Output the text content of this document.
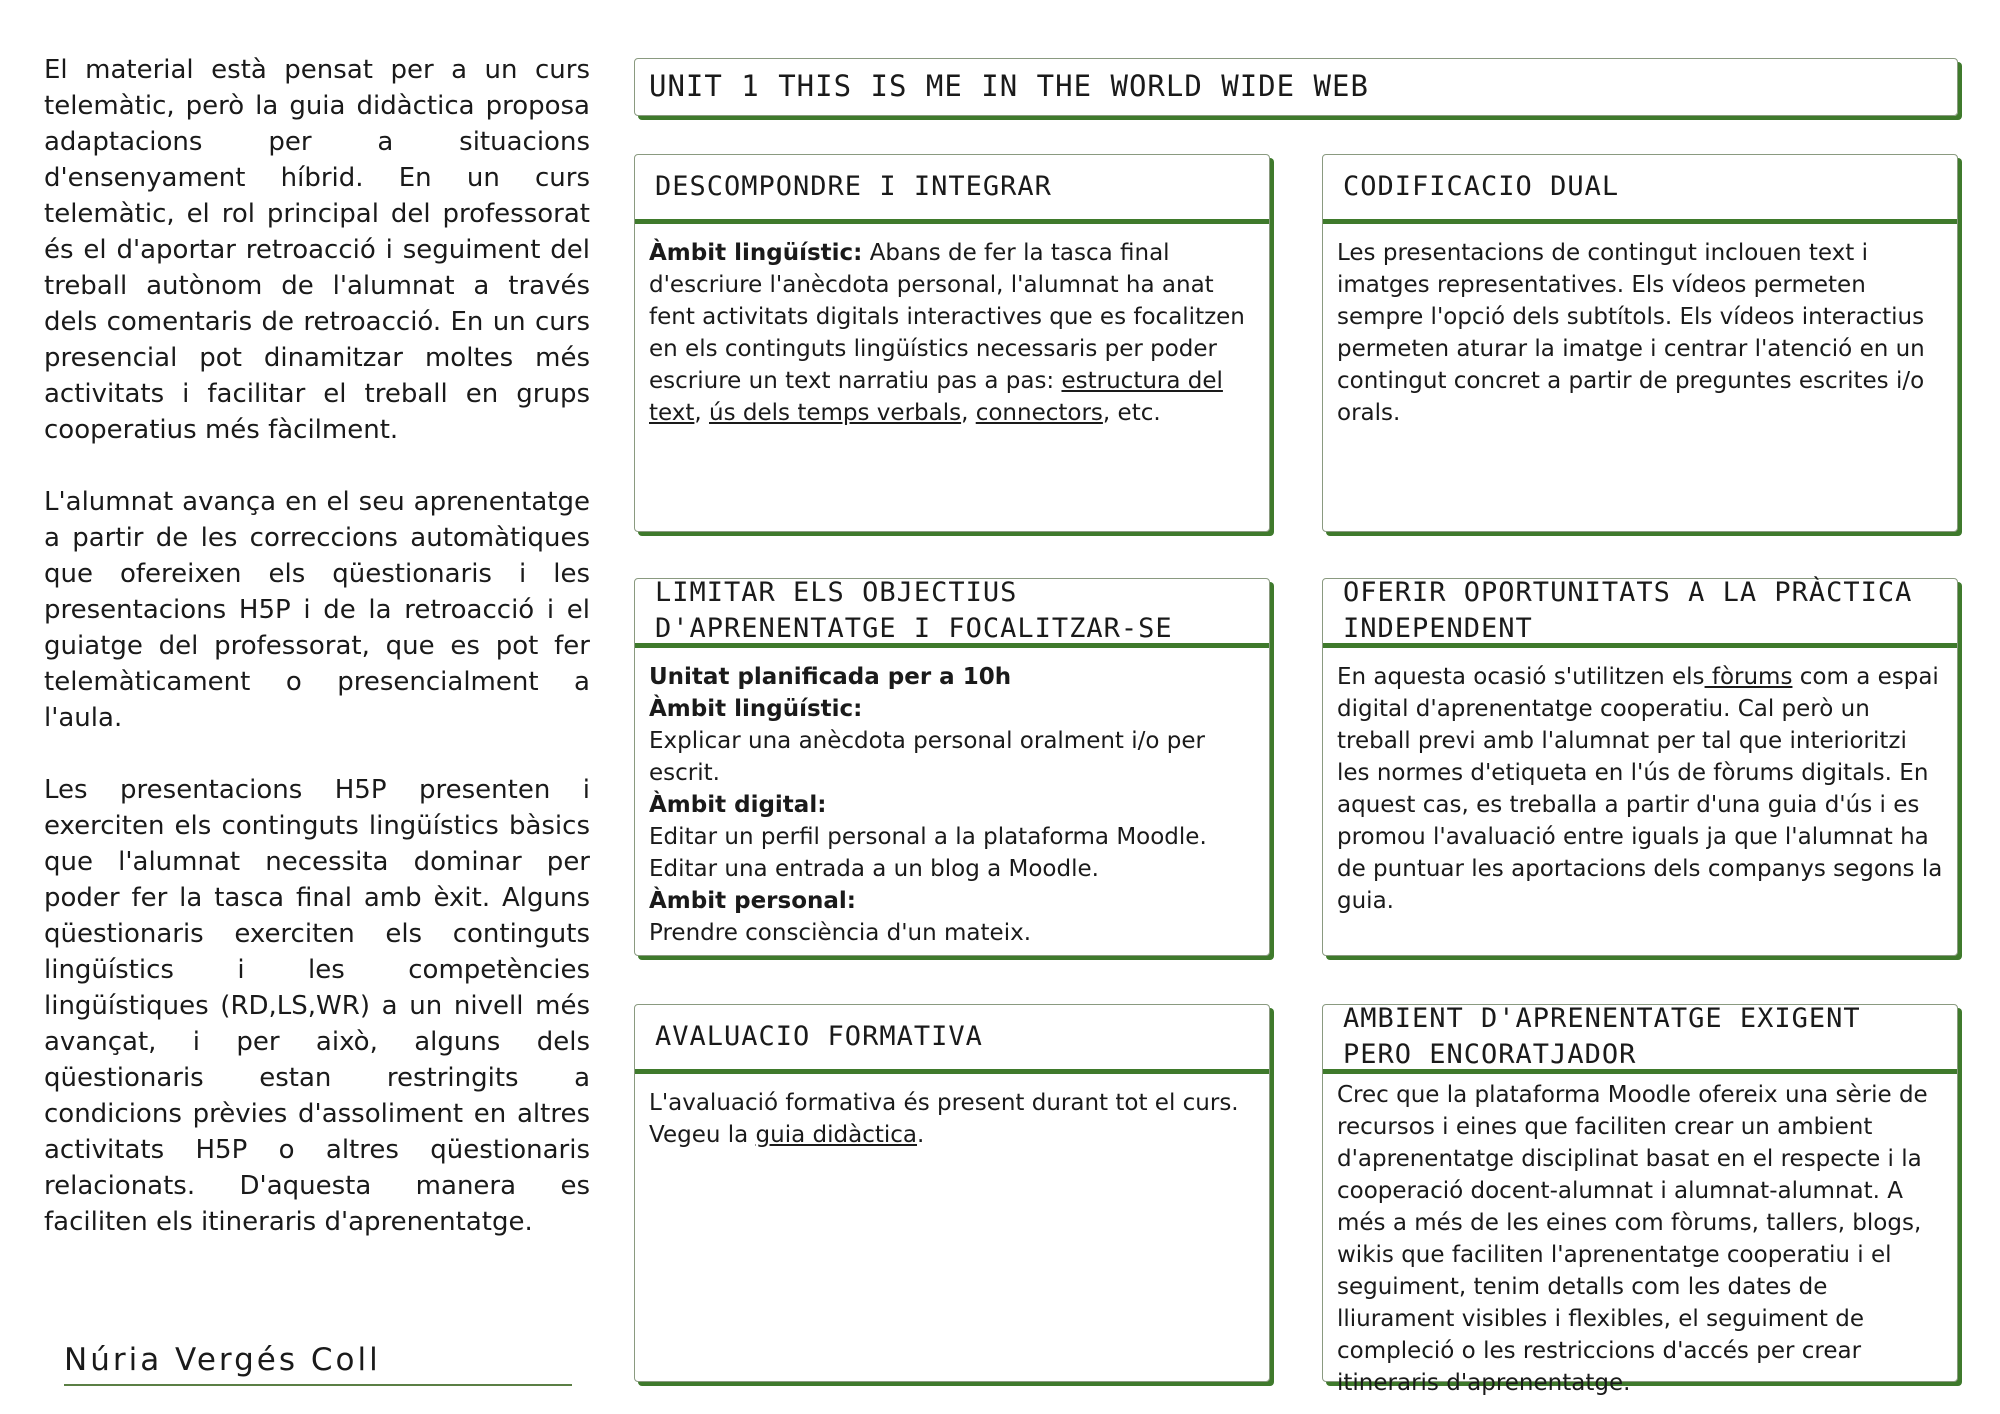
El material està pensat per a un curs telemàtic, però la guia didàctica proposa adaptacions per a situacions d'ensenyament híbrid. En un curs telemàtic, el rol principal del professorat és el d'aportar retroacció i seguiment del treball autònom de l'alumnat a través dels comentaris de retroacció. En un curs presencial pot dinamitzar moltes més activitats i facilitar el treball en grups cooperatius més fàcilment.

L'alumnat avança en el seu aprenentatge a partir de les correccions automàtiques que ofereixen els qüestionaris i les presentacions H5P i de la retroacció i el guiatge del professorat, que es pot fer telemàticament o presencialment a l'aula.

Les presentacions H5P presenten i exerciten els continguts lingüístics bàsics que l'alumnat necessita dominar per poder fer la tasca final amb èxit. Alguns qüestionaris exerciten els continguts lingüístics i les competències lingüístiques (RD,LS,WR) a un nivell més avançat, i per això, alguns dels qüestionaris estan restringits a condicions prèvies d'assoliment en altres activitats H5P o altres qüestionaris relacionats. D'aquesta manera es faciliten els itineraris d'aprenentatge.

Núria Vergés Coll
UNIT 1 THIS IS ME IN THE WORLD WIDE WEB
DESCOMPONDRE I INTEGRAR

Àmbit lingüístic: Abans de fer la tasca final d'escriure l'anècdota personal, l'alumnat ha anat fent activitats digitals interactives que es focalitzen en els continguts lingüístics necessaris per poder escriure un text narratiu pas a pas: estructura del text, ús dels temps verbals, connectors, etc.

CODIFICACIO DUAL

Les presentacions de contingut inclouen text i imatges representatives. Els vídeos permeten sempre l'opció dels subtítols. Els vídeos interactius permeten aturar la imatge i centrar l'atenció en un contingut concret a partir de preguntes escrites i/o orals.

LIMITAR ELS OBJECTIUS D'APRENENTATGE I FOCALITZAR-SE

Unitat planificada per a 10h

Àmbit lingüístic:

Explicar una anècdota personal oralment i/o per escrit.

Àmbit digital:

Editar un perfil personal a la plataforma Moodle.

Editar una entrada a un blog a Moodle.

Àmbit personal:

Prendre consciència d'un mateix.

OFERIR OPORTUNITATS A LA PRÀCTICA INDEPENDENT

En aquesta ocasió s'utilitzen els fòrums com a espai digital d'aprenentatge cooperatiu. Cal però un treball previ amb l'alumnat per tal que interioritzi les normes d'etiqueta en l'ús de fòrums digitals. En aquest cas, es treballa a partir d'una guia d'ús i es promou l'avaluació entre iguals ja que l'alumnat ha de puntuar les aportacions dels companys segons la guia.

AVALUACIO FORMATIVA

L'avaluació formativa és present durant tot el curs. Vegeu la guia didàctica.

AMBIENT D'APRENENTATGE EXIGENT PERO ENCORATJADOR

Crec que la plataforma Moodle ofereix una sèrie de recursos i eines que faciliten crear un ambient d'aprenentatge disciplinat basat en el respecte i la cooperació docent-alumnat i alumnat-alumnat. A més a més de les eines com fòrums, tallers, blogs, wikis que faciliten l'aprenentatge cooperatiu i el seguiment, tenim detalls com les dates de lliurament visibles i flexibles, el seguiment de compleció o les restriccions d'accés per crear itineraris d'aprenentatge.
